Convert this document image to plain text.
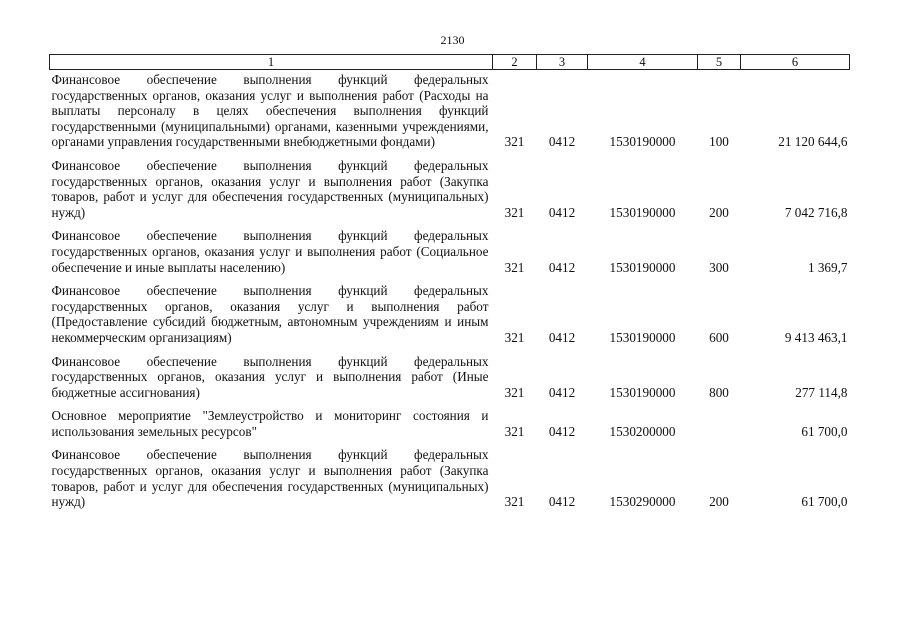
2130
1	2	3	4	5	6
Финансовое обеспечение выполнения функций федеральных государственных органов, оказания услуг и выполнения работ (Расходы на выплаты персоналу в целях обеспечения выполнения функций государственными (муниципальными) органами, казенными учреждениями, органами управления государственными внебюджетными фондами)	321	0412	1530190000	100	21 120 644,6
Финансовое обеспечение выполнения функций федеральных государственных органов, оказания услуг и выполнения работ (Закупка товаров, работ и услуг для обеспечения государственных (муниципальных) нужд)	321	0412	1530190000	200	7 042 716,8
Финансовое обеспечение выполнения функций федеральных государственных органов, оказания услуг и выполнения работ (Социальное обеспечение и иные выплаты населению)	321	0412	1530190000	300	1 369,7
Финансовое обеспечение выполнения функций федеральных государственных органов, оказания услуг и выполнения работ (Предоставление субсидий бюджетным, автономным учреждениям и иным некоммерческим организациям)	321	0412	1530190000	600	9 413 463,1
Финансовое обеспечение выполнения функций федеральных государственных органов, оказания услуг и выполнения работ (Иные бюджетные ассигнования)	321	0412	1530190000	800	277 114,8
Основное мероприятие "Землеустройство и мониторинг состояния и использования земельных ресурсов"	321	0412	1530200000		61 700,0
Финансовое обеспечение выполнения функций федеральных государственных органов, оказания услуг и выполнения работ (Закупка товаров, работ и услуг для обеспечения государственных (муниципальных) нужд)	321	0412	1530290000	200	61 700,0
